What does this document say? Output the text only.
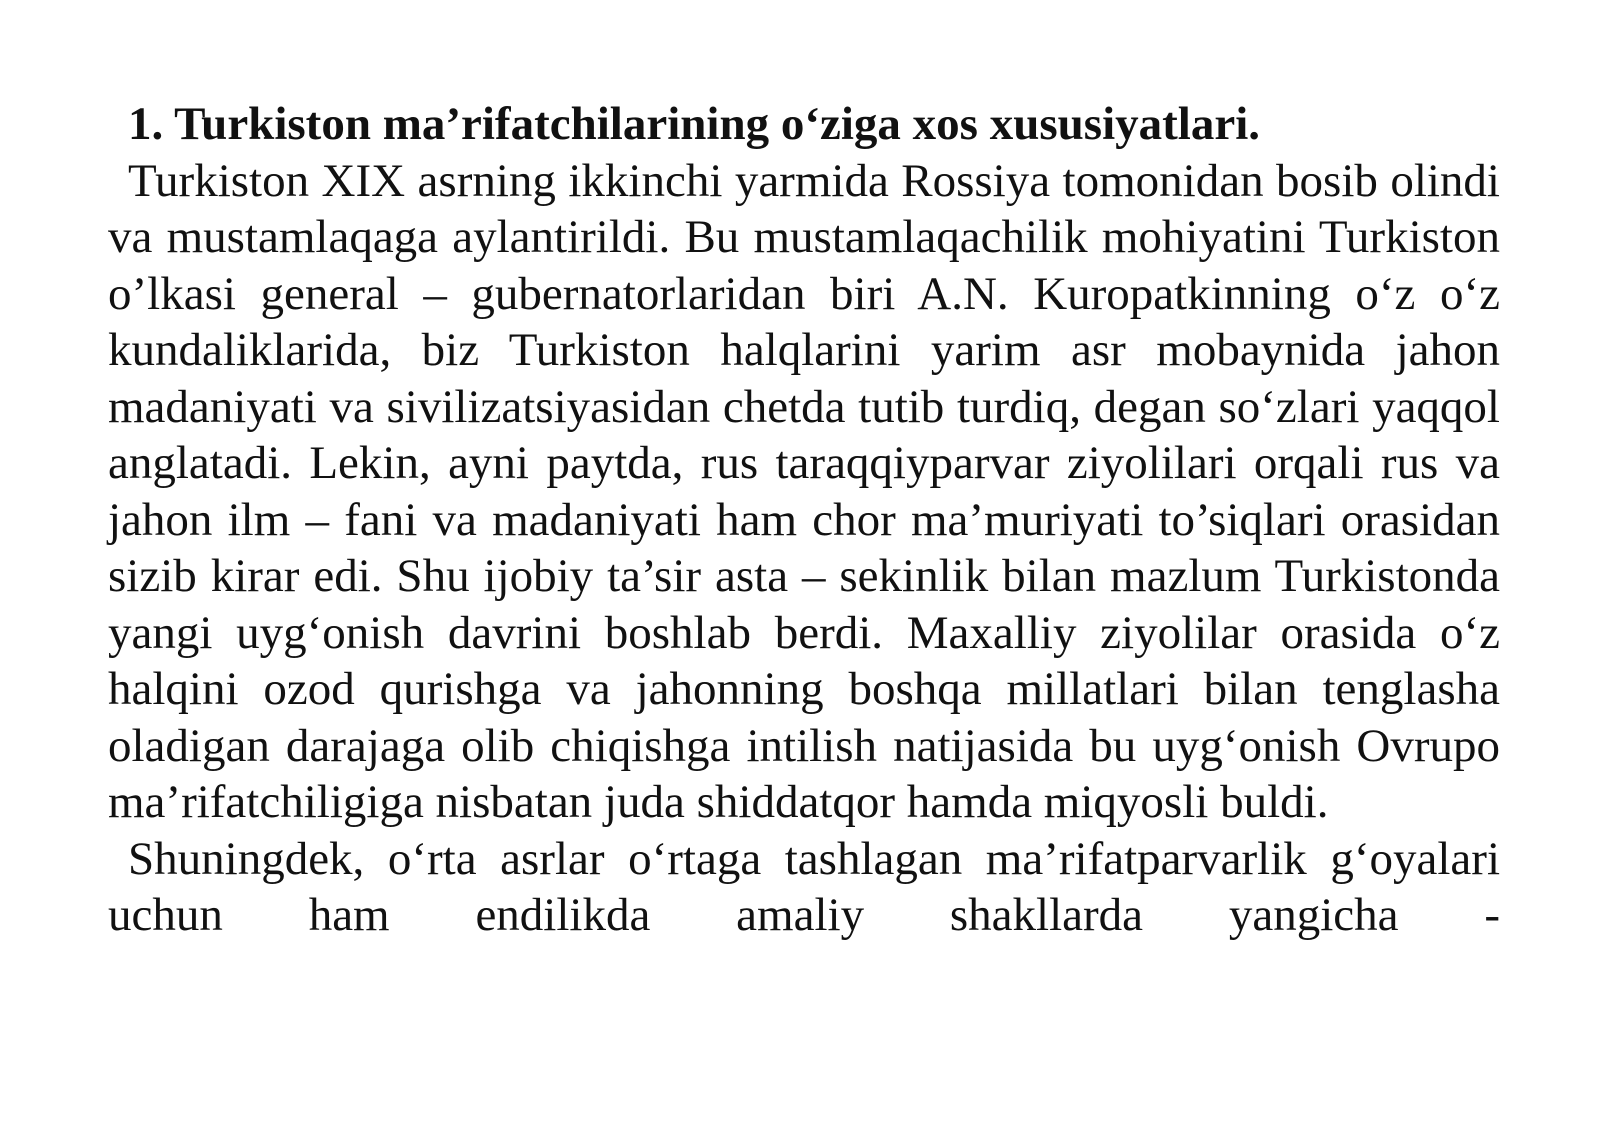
1. Turkiston ma’rifatchilarining o‘ziga xos xususiyatlari.

Turkiston XIX asrning ikkinchi yarmida Rossiya tomonidan bosib olindi va mustamlaqaga aylantirildi. Bu mustamlaqachilik mohiyatini Turkiston o’lkasi general – gubernatorlaridan biri A.N. Kuropatkinning o‘z o‘z kundaliklarida, biz Turkiston halqlarini yarim asr mobaynida jahon madaniyati va sivilizatsiyasidan chetda tutib turdiq, degan so‘zlari yaqqol anglatadi. Lekin, ayni paytda, rus taraqqiyparvar ziyolilari orqali rus va jahon ilm – fani va madaniyati ham chor ma’muriyati to’siqlari orasidan sizib kirar edi. Shu ijobiy ta’sir asta – sekinlik bilan mazlum Turkistonda yangi uyg‘onish davrini boshlab berdi. Maxalliy ziyolilar orasida o‘z halqini ozod qurishga va jahonning boshqa millatlari bilan tenglasha oladigan darajaga olib chiqishga intilish natijasida bu uyg‘onish Ovrupo ma’rifatchiligiga nisbatan juda shiddatqor hamda miqyosli buldi.

Shuningdek, o‘rta asrlar o‘rtaga tashlagan ma’rifatparvarlik g‘oyalari uchun ham endilikda amaliy shakllarda yangicha -
